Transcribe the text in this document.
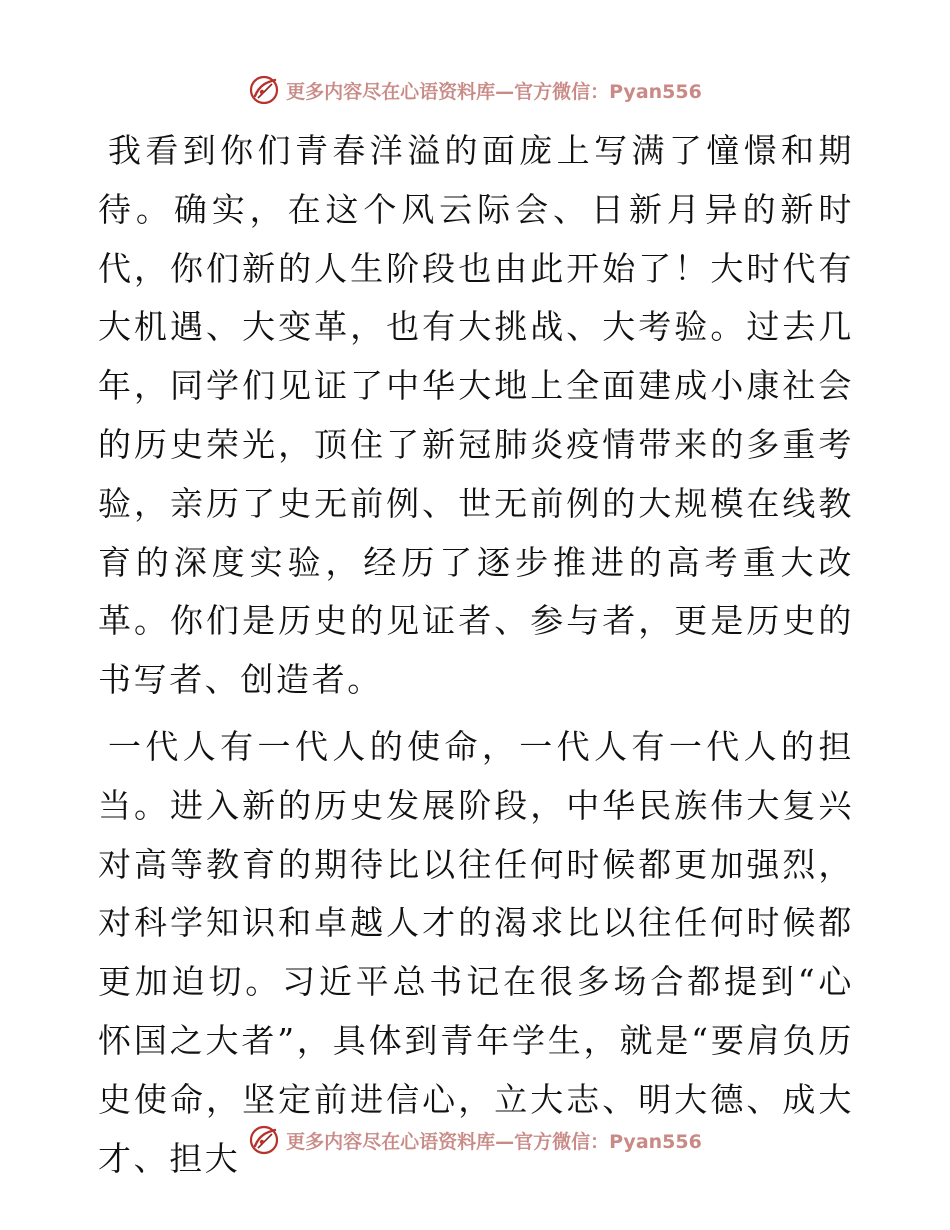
更多内容尽在心语资料库—官方微信：Pyan556

我看到你们青春洋溢的面庞上写满了憧憬和期待。确实，在这个风云际会、日新月异的新时代，你们新的人生阶段也由此开始了！大时代有大机遇、大变革，也有大挑战、大考验。过去几年，同学们见证了中华大地上全面建成小康社会的历史荣光，顶住了新冠肺炎疫情带来的多重考验，亲历了史无前例、世无前例的大规模在线教育的深度实验，经历了逐步推进的高考重大改革。你们是历史的见证者、参与者，更是历史的书写者、创造者。

一代人有一代人的使命，一代人有一代人的担当。进入新的历史发展阶段，中华民族伟大复兴对高等教育的期待比以往任何时候都更加强烈，对科学知识和卓越人才的渴求比以往任何时候都更加迫切。习近平总书记在很多场合都提到“心怀国之大者”，具体到青年学生，就是“要肩负历史使命，坚定前进信心，立大志、明大德、成大才、担大	更多内容尽在心语资料库—官方微信：Pyan556
